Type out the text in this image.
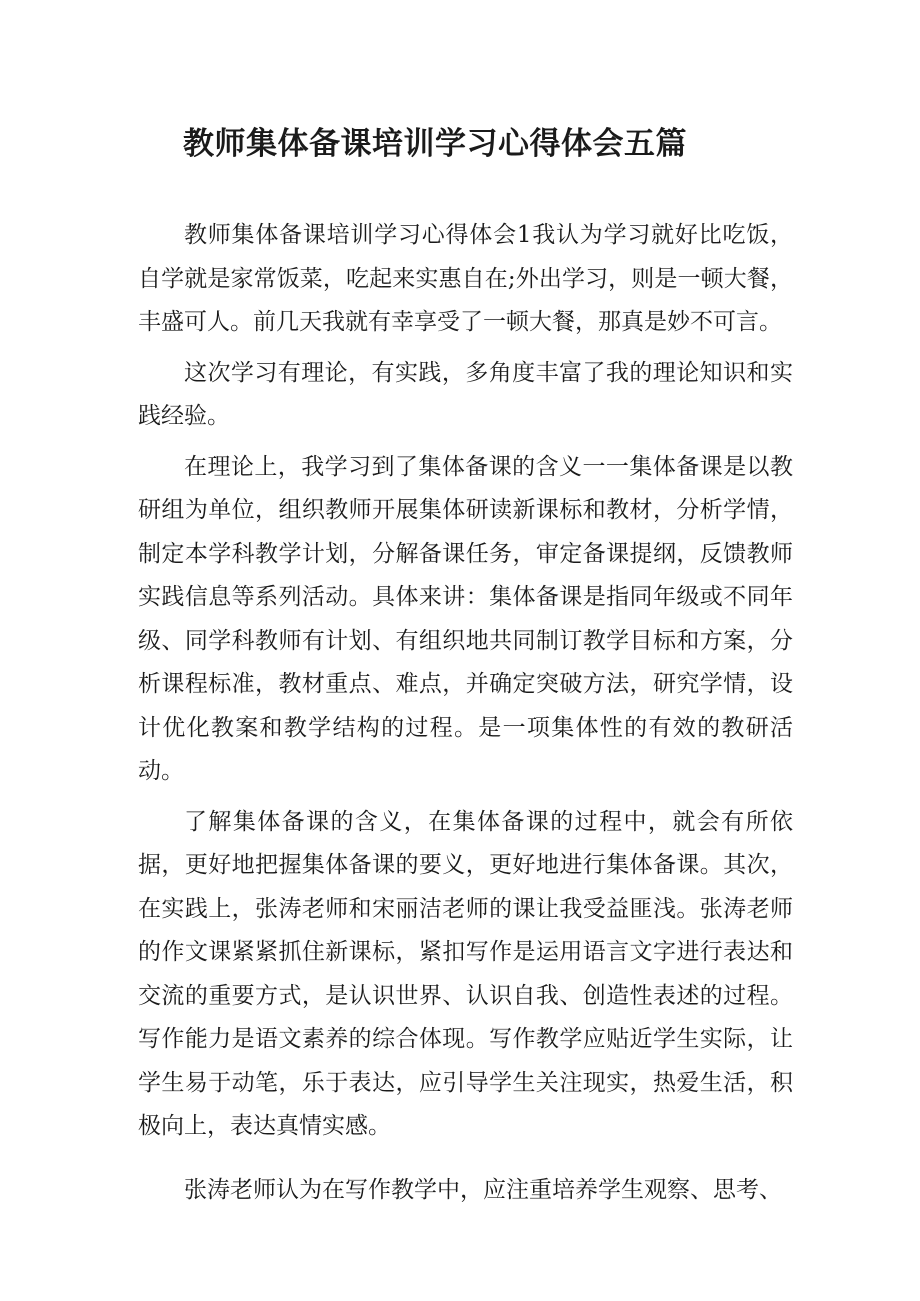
教师集体备课培训学习心得体会五篇

教师集体备课培训学习心得体会1我认为学习就好比吃饭，自学就是家常饭菜，吃起来实惠自在;外出学习，则是一顿大餐，丰盛可人。前几天我就有幸享受了一顿大餐，那真是妙不可言。

这次学习有理论，有实践，多角度丰富了我的理论知识和实践经验。

在理论上，我学习到了集体备课的含义一一集体备课是以教研组为单位，组织教师开展集体研读新课标和教材，分析学情，制定本学科教学计划，分解备课任务，审定备课提纲，反馈教师实践信息等系列活动。具体来讲：集体备课是指同年级或不同年级、同学科教师有计划、有组织地共同制订教学目标和方案，分析课程标准，教材重点、难点，并确定突破方法，研究学情，设计优化教案和教学结构的过程。是一项集体性的有效的教研活动。

了解集体备课的含义，在集体备课的过程中，就会有所依据，更好地把握集体备课的要义，更好地进行集体备课。其次，在实践上，张涛老师和宋丽洁老师的课让我受益匪浅。张涛老师的作文课紧紧抓住新课标，紧扣写作是运用语言文字进行表达和交流的重要方式，是认识世界、认识自我、创造性表述的过程。写作能力是语文素养的综合体现。写作教学应贴近学生实际，让学生易于动笔，乐于表达，应引导学生关注现实，热爱生活，积极向上，表达真情实感。

张涛老师认为在写作教学中，应注重培养学生观察、思考、
